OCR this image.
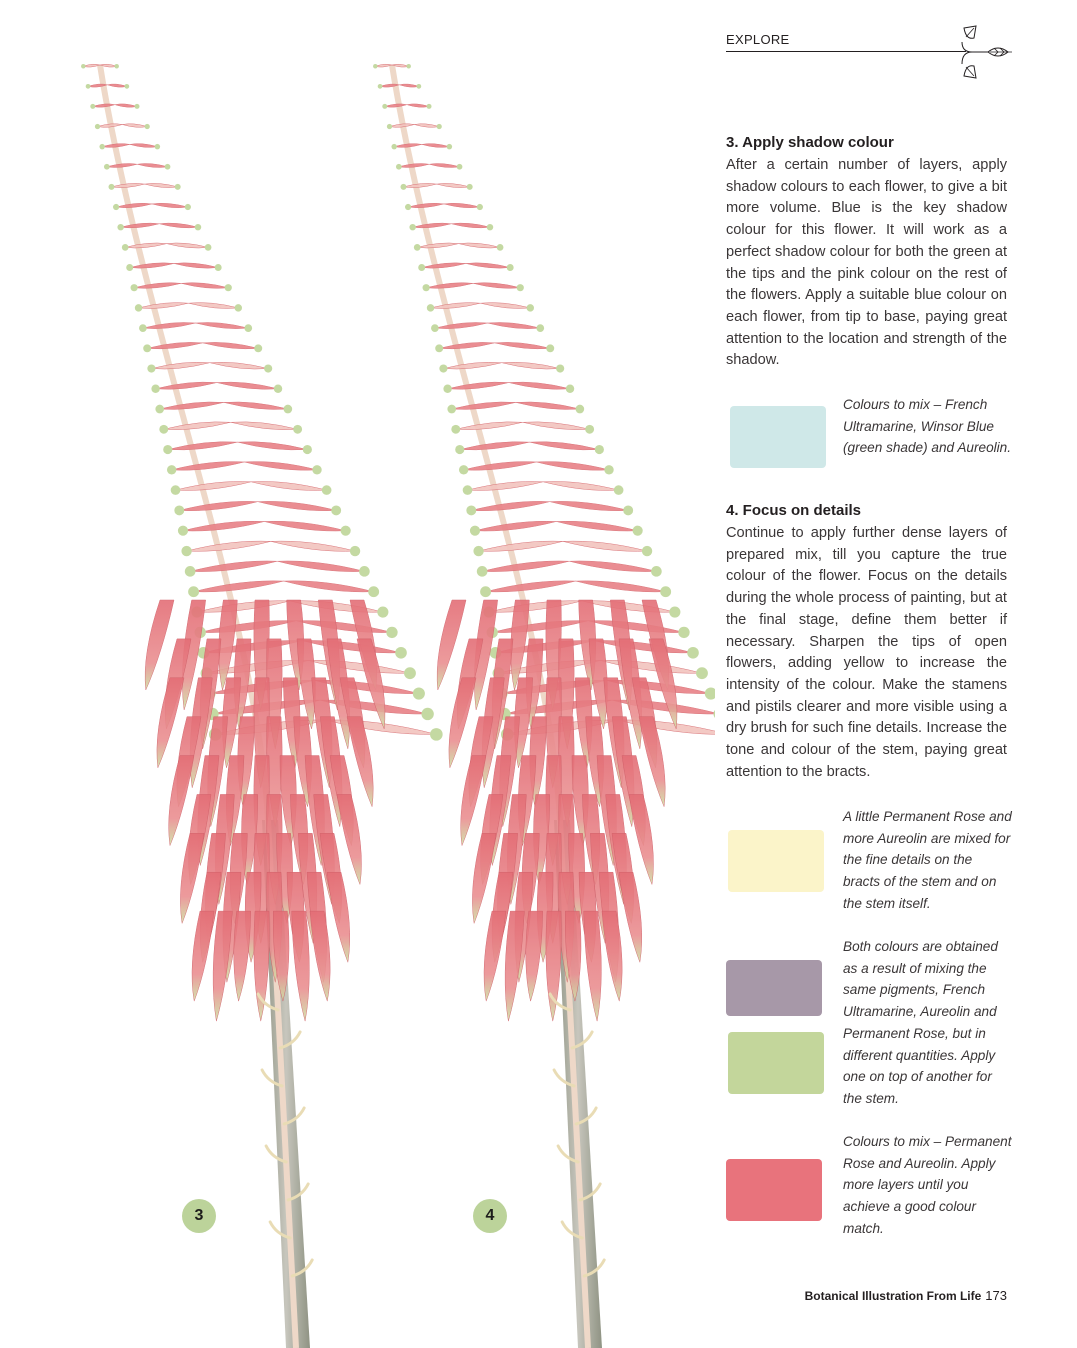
3	4
EXPLORE
3. Apply shadow colour

After a certain number of layers, apply shadow colours to each flower, to give a bit more volume. Blue is the key shadow colour for this flower. It will work as a perfect shadow colour for both the green at the tips and the pink colour on the rest of the flowers. Apply a suitable blue colour on each flower, from tip to base, paying great attention to the location and strength of the shadow.

Colours to mix – French Ultramarine, Winsor Blue (green shade) and Aureolin.
4. Focus on details

Continue to apply further dense layers of prepared mix, till you capture the true colour of the flower. Focus on the details during the whole process of painting, but at the final stage, define them better if necessary. Sharpen the tips of open flowers, adding yellow to increase the intensity of the colour. Make the stamens and pistils clearer and more visible using a dry brush for such fine details. Increase the tone and colour of the stem, paying great attention to the bracts.

A little Permanent Rose and more Aureolin are mixed for the fine details on the bracts of the stem and on the stem itself.
Both colours are obtained as a result of mixing the same pigments, French Ultramarine, Aureolin and Permanent Rose, but in different quantities. Apply one on top of another for the stem.
Colours to mix – Permanent Rose and Aureolin. Apply more layers until you achieve a good colour match.
Botanical Illustration From Life 173
